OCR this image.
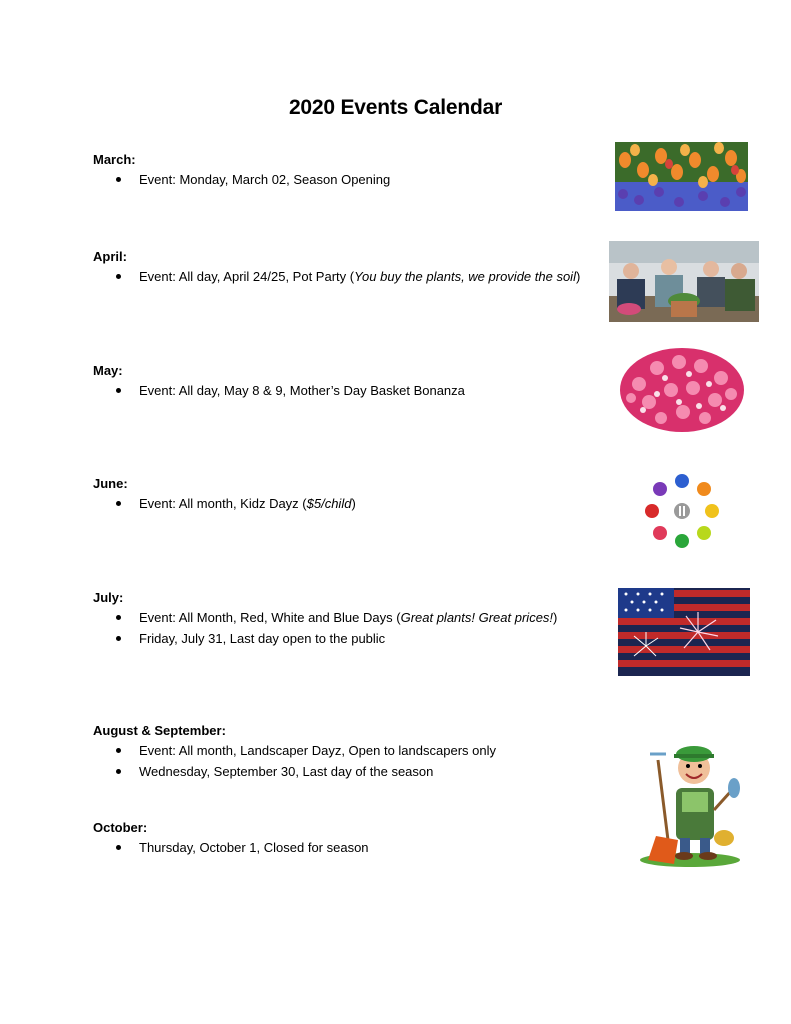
2020 Events Calendar
March:
Event: Monday, March 02, Season Opening
April:
Event: All day, April 24/25, Pot Party (You buy the plants, we provide the soil)
May:
Event: All day, May 8 & 9, Mother’s Day Basket Bonanza
June:
Event: All month, Kidz Dayz ($5/child)
July:
Event: All Month, Red, White and Blue Days (Great plants! Great prices!)
Friday, July 31, Last day open to the public
August & September:
Event: All month, Landscaper Dayz, Open to landscapers only
Wednesday, September 30, Last day of the season
October:
Thursday, October 1, Closed for season
